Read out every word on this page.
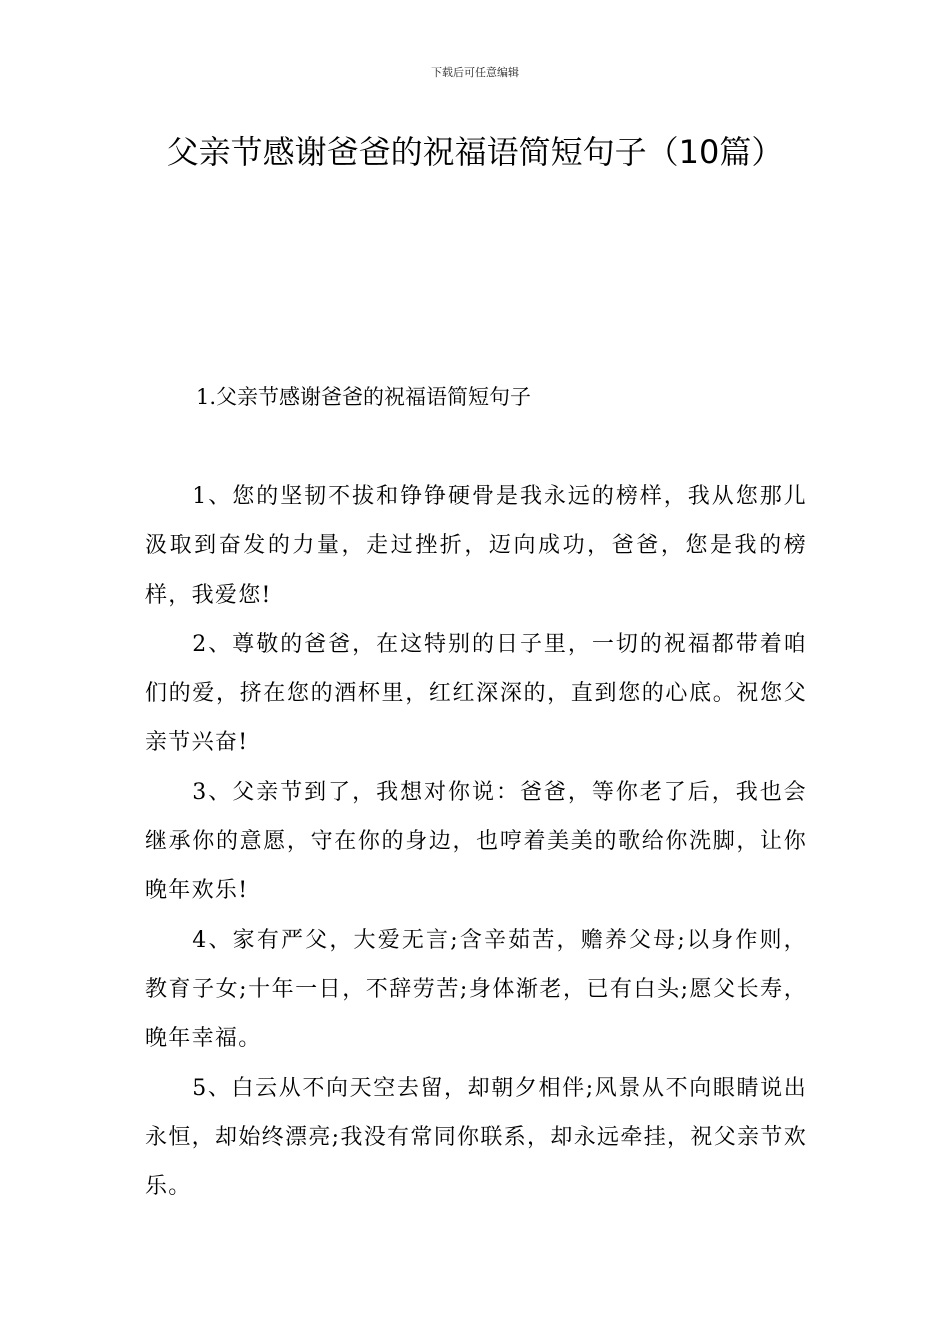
下载后可任意编辑
父亲节感谢爸爸的祝福语简短句子（10篇）
1.父亲节感谢爸爸的祝福语简短句子

1、您的坚韧不拔和铮铮硬骨是我永远的榜样，我从您那儿汲取到奋发的力量，走过挫折，迈向成功，爸爸，您是我的榜样，我爱您!

2、尊敬的爸爸，在这特别的日子里，一切的祝福都带着咱们的爱，挤在您的酒杯里，红红深深的，直到您的心底。祝您父亲节兴奋!

3、父亲节到了，我想对你说：爸爸，等你老了后，我也会继承你的意愿，守在你的身边，也哼着美美的歌给你洗脚，让你晚年欢乐!

4、家有严父，大爱无言;含辛茹苦，赡养父母;以身作则，教育子女;十年一日，不辞劳苦;身体渐老，已有白头;愿父长寿，晚年幸福。

5、白云从不向天空去留，却朝夕相伴;风景从不向眼睛说出永恒，却始终漂亮;我没有常同你联系，却永远牵挂，祝父亲节欢乐。
